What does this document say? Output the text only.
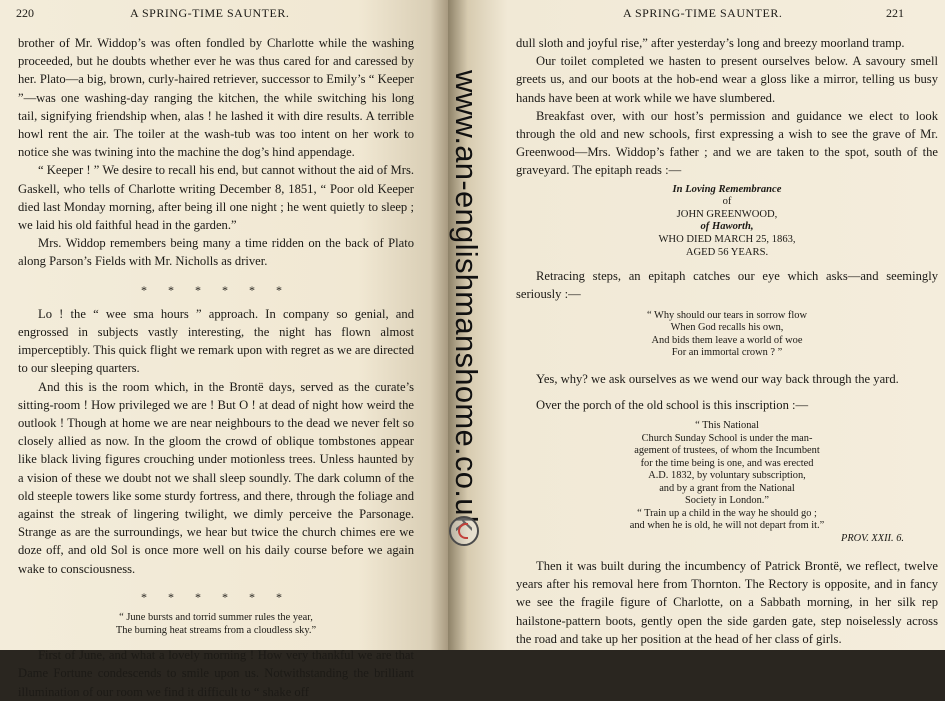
220	A SPRING-TIME SAUNTER.

brother of Mr. Widdop’s was often fondled by Charlotte while the washing proceeded, but he doubts whether ever he was thus cared for and caressed by her. Plato—a big, brown, curly-haired retriever, successor to Emily’s “ Keeper ”—was one washing-day ranging the kitchen, the while switching his long tail, signifying friendship when, alas ! he lashed it with dire results. A terrible howl rent the air. The toiler at the wash-tub was too intent on her work to notice she was twining into the machine the dog’s hind appendage.

“ Keeper ! ” We desire to recall his end, but cannot without the aid of Mrs. Gaskell, who tells of Charlotte writing December 8, 1851, “ Poor old Keeper died last Monday morning, after being ill one night ; he went quietly to sleep ; we laid his old faithful head in the garden.”

Mrs. Widdop remembers being many a time ridden on the back of Plato along Parson’s Fields with Mr. Nicholls as driver.

* * * * * *

Lo ! the “ wee sma hours ” approach. In company so genial, and engrossed in subjects vastly interesting, the night has flown almost imperceptibly. This quick flight we remark upon with regret as we are directed to our sleeping quarters.

And this is the room which, in the Brontë days, served as the curate’s sitting-room ! How privileged we are ! But O ! at dead of night how weird the outlook ! Though at home we are near neighbours to the dead we never felt so closely allied as now. In the gloom the crowd of oblique tombstones appear like black living figures crouching under motionless trees. Unless haunted by a vision of these we doubt not we shall sleep soundly. The dark column of the old steeple towers like some sturdy fortress, and there, through the foliage and against the streak of lingering twilight, we dimly perceive the Parsonage. Strange as are the surroundings, we hear but twice the church chimes ere we doze off, and old Sol is once more well on his daily course before we again wake to consciousness.

* * * * * *
“ June bursts and torrid summer rules the year,
The burning heat streams from a cloudless sky.”

First of June, and what a lovely morning ! How very thankful we are that Dame Fortune condescends to smile upon us. Notwithstanding the brilliant illumination of our room we find it difficult to “ shake off

A SPRING-TIME SAUNTER.	221

dull sloth and joyful rise,” after yesterday’s long and breezy moorland tramp.

Our toilet completed we hasten to present ourselves below. A savoury smell greets us, and our boots at the hob-end wear a gloss like a mirror, telling us busy hands have been at work while we have slumbered.

Breakfast over, with our host’s permission and guidance we elect to look through the old and new schools, first expressing a wish to see the grave of Mr. Greenwood—Mrs. Widdop’s father ; and we are taken to the spot, south of the graveyard. The epitaph reads :—

In Loving Remembrance
of
JOHN GREENWOOD,
of Haworth,
WHO DIED MARCH 25, 1863,
AGED 56 YEARS.

Retracing steps, an epitaph catches our eye which asks—and seemingly seriously :—

“ Why should our tears in sorrow flow
When God recalls his own,
And bids them leave a world of woe
For an immortal crown ? ”

Yes, why? we ask ourselves as we wend our way back through the yard.

Over the porch of the old school is this inscription :—

“ This National
Church Sunday School is under the man-
agement of trustees, of whom the Incumbent
for the time being is one, and was erected
A.D. 1832, by voluntary subscription,
and by a grant from the National
Society in London.”
“ Train up a child in the way he should go ;
and when he is old, he will not depart from it.”
PROV. XXII. 6.

Then it was built during the incumbency of Patrick Brontë, we reflect, twelve years after his removal here from Thornton. The Rectory is opposite, and in fancy we see the fragile figure of Charlotte, on a Sabbath morning, in her silk rep hailstone-pattern boots, gently open the side garden gate, step noiselessly across the road and take up her position at the head of her class of girls.

www.an-englishmanshome.co.uk
